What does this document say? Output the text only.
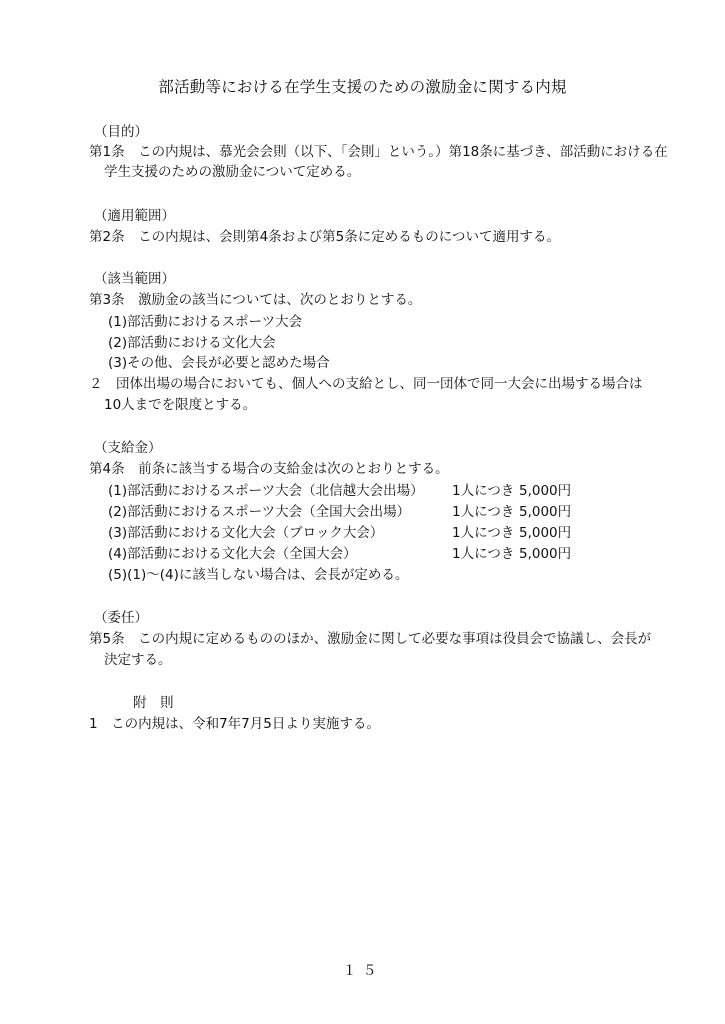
部活動等における在学生支援のための激励金に関する内規
（目的）
第1条　この内規は、慕光会会則（以下、「会則」という。）第18条に基づき、部活動における在
学生支援のための激励金について定める。
（適用範囲）
第2条　この内規は、会則第4条および第5条に定めるものについて適用する。
（該当範囲）
第3条　激励金の該当については、次のとおりとする。
(1)部活動におけるスポーツ大会
(2)部活動における文化大会
(3)その他、会長が必要と認めた場合
２　団体出場の場合においても、個人への支給とし、同一団体で同一大会に出場する場合は
10人までを限度とする。
（支給金）
第4条　前条に該当する場合の支給金は次のとおりとする。
(1)部活動におけるスポーツ大会（北信越大会出場） 1人につき 5,000円
(2)部活動におけるスポーツ大会（全国大会出場）	1人につき 5,000円
(3)部活動における文化大会（ブロック大会）	1人につき 5,000円
(4)部活動における文化大会（全国大会）	1人につき 5,000円
(5)(1)～(4)に該当しない場合は、会長が定める。
（委任）
第5条　この内規に定めるもののほか、激励金に関して必要な事項は役員会で協議し、会長が
決定する。
附　則
1　この内規は、令和7年7月5日より実施する。
１５
